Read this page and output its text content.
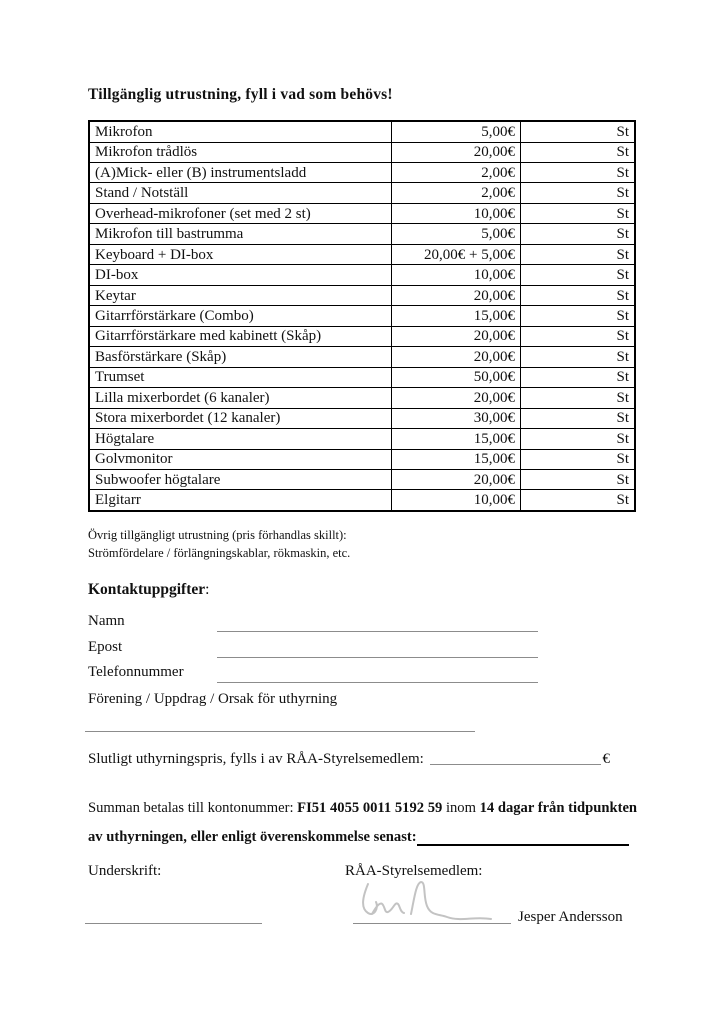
Tillgänglig utrustning, fyll i vad som behövs!
Mikrofon	5,00€	St
Mikrofon trådlös	20,00€	St
(A)Mick- eller (B) instrumentsladd	2,00€	St
Stand / Notställ	2,00€	St
Overhead-mikrofoner (set med 2 st)	10,00€	St
Mikrofon till bastrumma	5,00€	St
Keyboard + DI-box	20,00€ + 5,00€	St
DI-box	10,00€	St
Keytar	20,00€	St
Gitarrförstärkare (Combo)	15,00€	St
Gitarrförstärkare med kabinett (Skåp)	20,00€	St
Basförstärkare (Skåp)	20,00€	St
Trumset	50,00€	St
Lilla mixerbordet (6 kanaler)	20,00€	St
Stora mixerbordet (12 kanaler)	30,00€	St
Högtalare	15,00€	St
Golvmonitor	15,00€	St
Subwoofer högtalare	20,00€	St
Elgitarr	10,00€	St
Övrig tillgängligt utrustning (pris förhandlas skillt):
Strömfördelare / förlängningskablar, rökmaskin, etc.
Kontaktuppgifter:
Namn
Epost
Telefonnummer
Förening / Uppdrag / Orsak för uthyrning
Slutligt uthyrningspris, fylls i av RÅA-Styrelsemedlem:	€
Summan betalas till kontonummer: FI51 4055 0011 5192 59 inom 14 dagar från tidpunkten
av uthyrningen, eller enligt överenskommelse senast:
Underskrift:	RÅA-Styrelsemedlem:
Jesper Andersson
